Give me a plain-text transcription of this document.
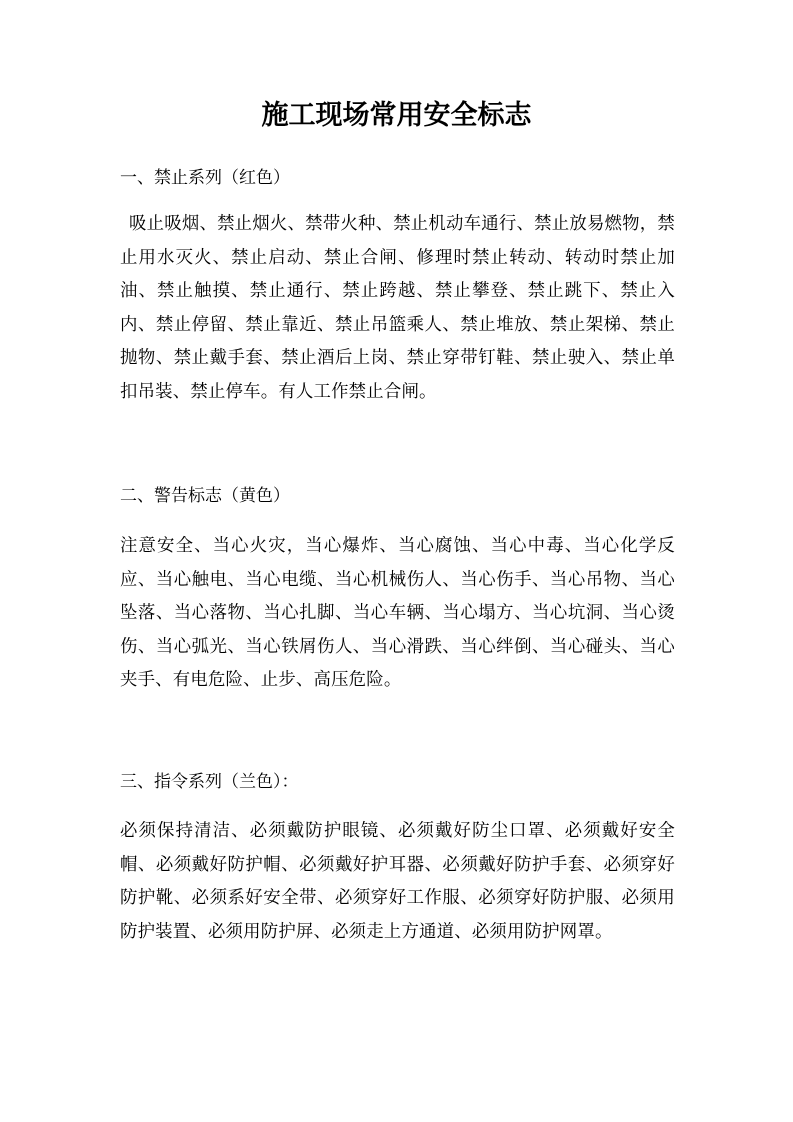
施工现场常用安全标志
一、禁止系列（红色）
吸止吸烟、禁止烟火、禁带火种、禁止机动车通行、禁止放易燃物，禁止用水灭火、禁止启动、禁止合闸、修理时禁止转动、转动时禁止加油、禁止触摸、禁止通行、禁止跨越、禁止攀登、禁止跳下、禁止入内、禁止停留、禁止靠近、禁止吊篮乘人、禁止堆放、禁止架梯、禁止抛物、禁止戴手套、禁止酒后上岗、禁止穿带钉鞋、禁止驶入、禁止单扣吊装、禁止停车。有人工作禁止合闸。
二、警告标志（黄色）
注意安全、当心火灾，当心爆炸、当心腐蚀、当心中毒、当心化学反应、当心触电、当心电缆、当心机械伤人、当心伤手、当心吊物、当心坠落、当心落物、当心扎脚、当心车辆、当心塌方、当心坑洞、当心烫伤、当心弧光、当心铁屑伤人、当心滑跌、当心绊倒、当心碰头、当心夹手、有电危险、止步、高压危险。
三、指令系列（兰色）：
必须保持清洁、必须戴防护眼镜、必须戴好防尘口罩、必须戴好安全帽、必须戴好防护帽、必须戴好护耳器、必须戴好防护手套、必须穿好防护靴、必须系好安全带、必须穿好工作服、必须穿好防护服、必须用防护装置、必须用防护屏、必须走上方通道、必须用防护网罩。
